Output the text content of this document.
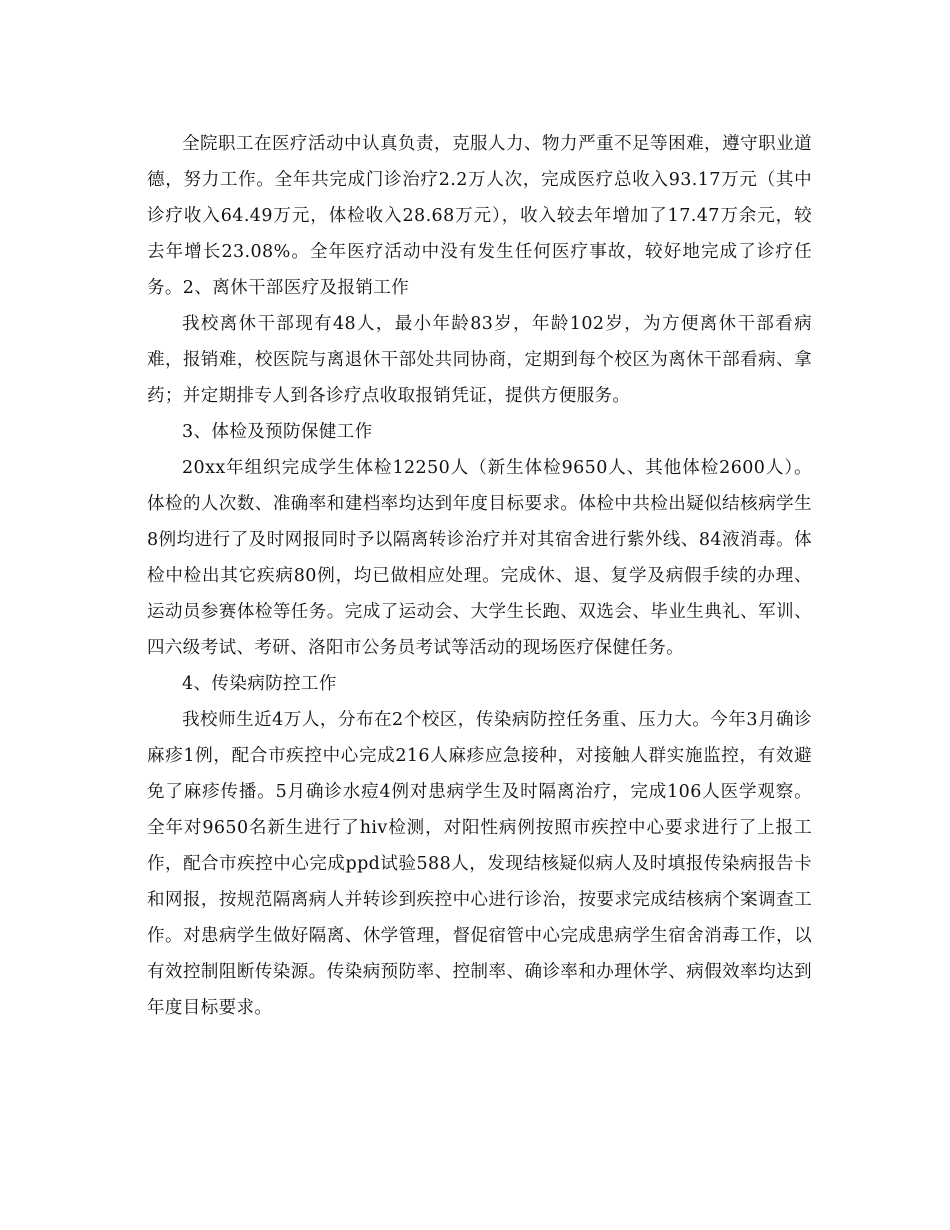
全院职工在医疗活动中认真负责，克服人力、物力严重不足等困难，遵守职业道德，努力工作。全年共完成门诊治疗2.2万人次，完成医疗总收入93.17万元（其中诊疗收入64.49万元，体检收入28.68万元），收入较去年增加了17.47万余元，较去年增长23.08%。全年医疗活动中没有发生任何医疗事故，较好地完成了诊疗任务。2、离休干部医疗及报销工作

我校离休干部现有48人，最小年龄83岁，年龄102岁，为方便离休干部看病难，报销难，校医院与离退休干部处共同协商，定期到每个校区为离休干部看病、拿药；并定期排专人到各诊疗点收取报销凭证，提供方便服务。

3、体检及预防保健工作

20xx年组织完成学生体检12250人（新生体检9650人、其他体检2600人）。体检的人次数、准确率和建档率均达到年度目标要求。体检中共检出疑似结核病学生8例均进行了及时网报同时予以隔离转诊治疗并对其宿舍进行紫外线、84液消毒。体检中检出其它疾病80例，均已做相应处理。完成休、退、复学及病假手续的办理、运动员参赛体检等任务。完成了运动会、大学生长跑、双选会、毕业生典礼、军训、四六级考试、考研、洛阳市公务员考试等活动的现场医疗保健任务。

4、传染病防控工作

我校师生近4万人，分布在2个校区，传染病防控任务重、压力大。今年3月确诊麻疹1例，配合市疾控中心完成216人麻疹应急接种，对接触人群实施监控，有效避免了麻疹传播。5月确诊水痘4例对患病学生及时隔离治疗，完成106人医学观察。全年对9650名新生进行了hiv检测，对阳性病例按照市疾控中心要求进行了上报工作，配合市疾控中心完成ppd试验588人，发现结核疑似病人及时填报传染病报告卡和网报，按规范隔离病人并转诊到疾控中心进行诊治，按要求完成结核病个案调查工作。对患病学生做好隔离、休学管理，督促宿管中心完成患病学生宿舍消毒工作，以有效控制阻断传染源。传染病预防率、控制率、确诊率和办理休学、病假效率均达到年度目标要求。
